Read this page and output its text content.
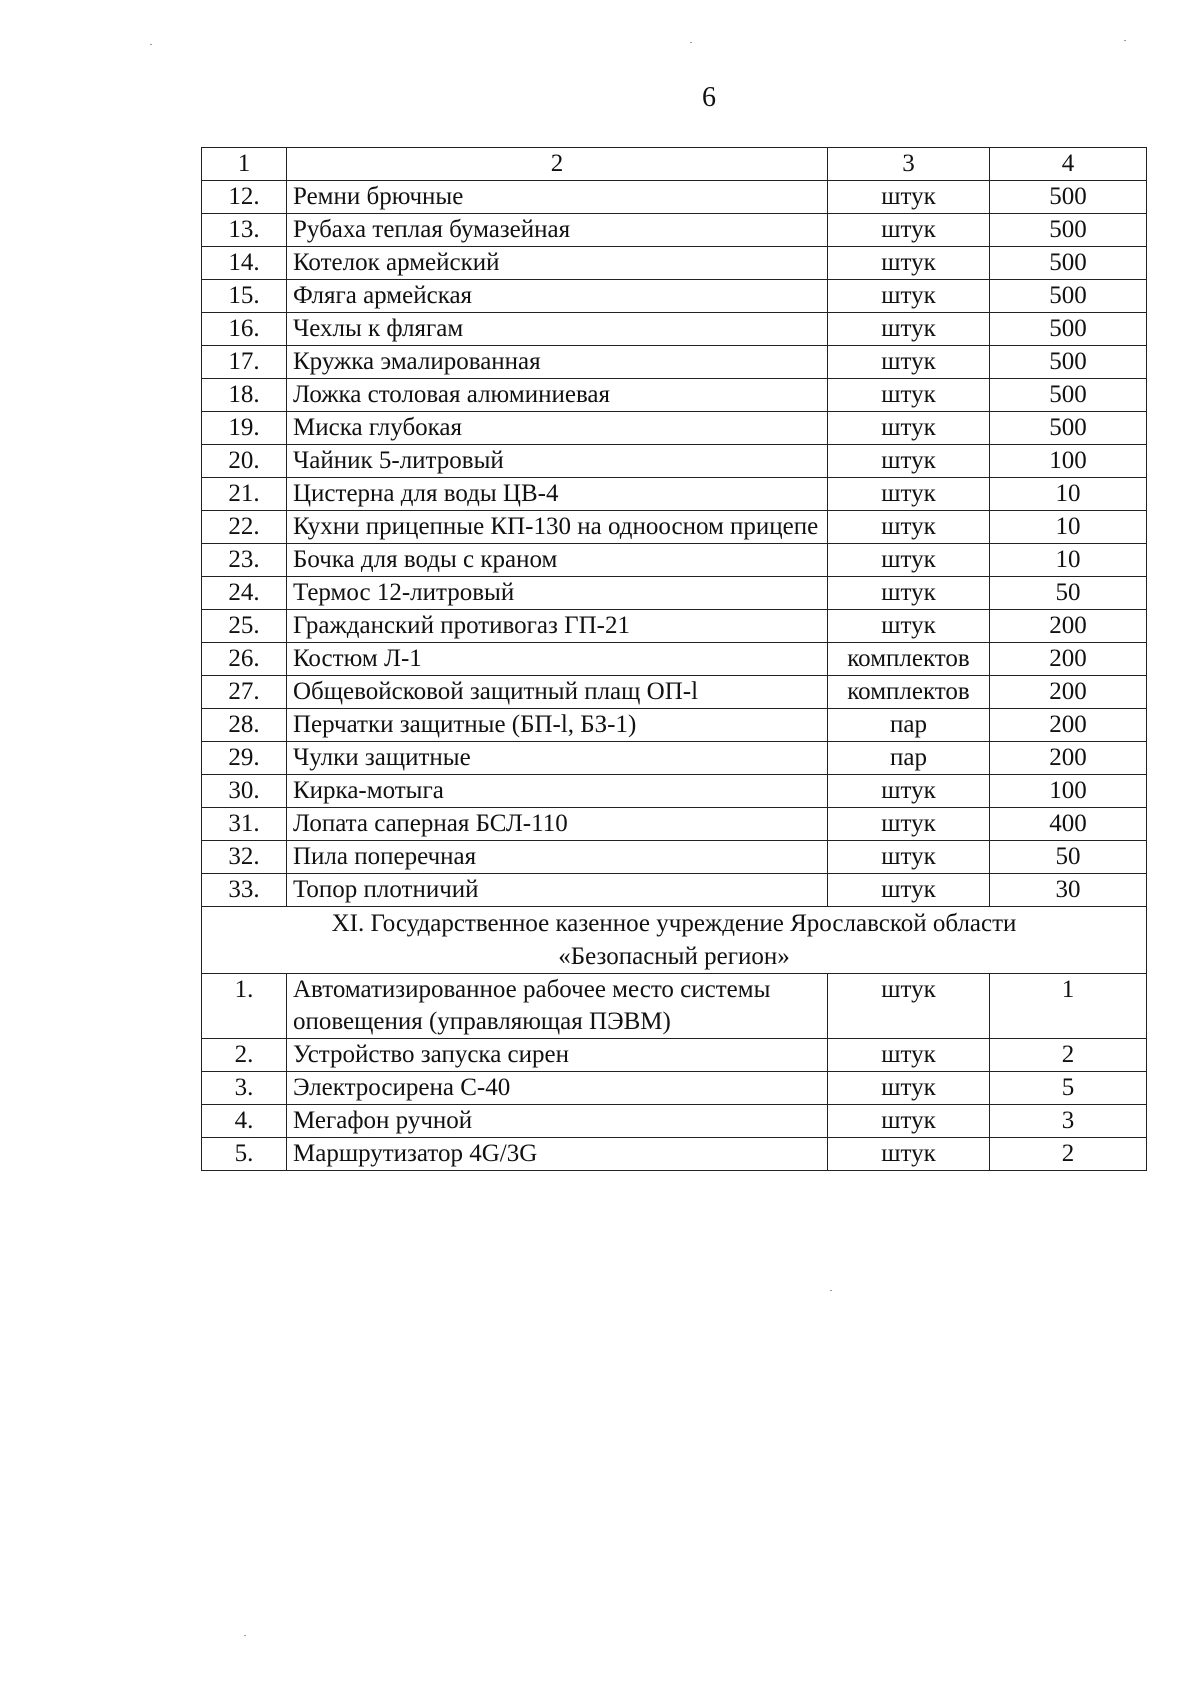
6
1	2	3	4
12.	Ремни брючные	штук	500
13.	Рубаха теплая бумазейная	штук	500
14.	Котелок армейский	штук	500
15.	Фляга армейская	штук	500
16.	Чехлы к флягам	штук	500
17.	Кружка эмалированная	штук	500
18.	Ложка столовая алюминиевая	штук	500
19.	Миска глубокая	штук	500
20.	Чайник 5-литровый	штук	100
21.	Цистерна для воды ЦВ-4	штук	10
22.	Кухни прицепные КП-130 на одноосном прицепе	штук	10
23.	Бочка для воды с краном	штук	10
24.	Термос 12-литровый	штук	50
25.	Гражданский противогаз ГП-21	штук	200
26.	Костюм Л-1	комплектов	200
27.	Общевойсковой защитный плащ ОП-l	комплектов	200
28.	Перчатки защитные (БП-l, БЗ-1)	пар	200
29.	Чулки защитные	пар	200
30.	Кирка-мотыга	штук	100
31.	Лопата саперная БСЛ-110	штук	400
32.	Пила поперечная	штук	50
33.	Топор плотничий	штук	30

XI. Государственное казенное учреждение Ярославской области
«Безопасный регион»			

1.	Автоматизированное рабочее место системы оповещения (управляющая ПЭВМ)	штук	1
2.	Устройство запуска сирен	штук	2
3.	Электросирена С-40	штук	5
4.	Мегафон ручной	штук	3
5.	Маршрутизатор 4G/3G	штук	2
